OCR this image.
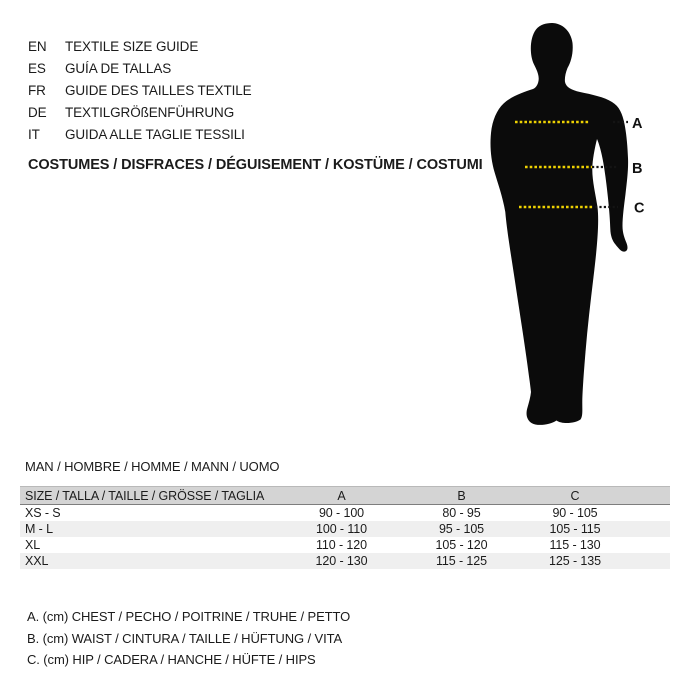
EN TEXTILE SIZE GUIDE
ES GUÍA DE TALLAS
FR GUIDE DES TAILLES TEXTILE
DE TEXTILGRÖßENFÜHRUNG
IT GUIDA ALLE TAGLIE TESSILI
COSTUMES / DISFRACES / DÉGUISEMENT / KOSTÜME / COSTUMI
A
B
C
MAN / HOMBRE / HOMME / MANN / UOMO
SIZE / TALLA / TAILLE / GRÖSSE / TAGLIA	A	B	C	
XS - S	90 - 100	80 - 95	90 - 105	
M - L	100 - 110	95 - 105	105 - 115	
XL	110 - 120	105 - 120	115 - 130	
XXL	120 - 130	115 - 125	125 - 135	
A. (cm) CHEST / PECHO / POITRINE / TRUHE / PETTO
B. (cm) WAIST / CINTURA / TAILLE / HÜFTUNG / VITA
C. (cm) HIP / CADERA / HANCHE / HÜFTE / HIPS
